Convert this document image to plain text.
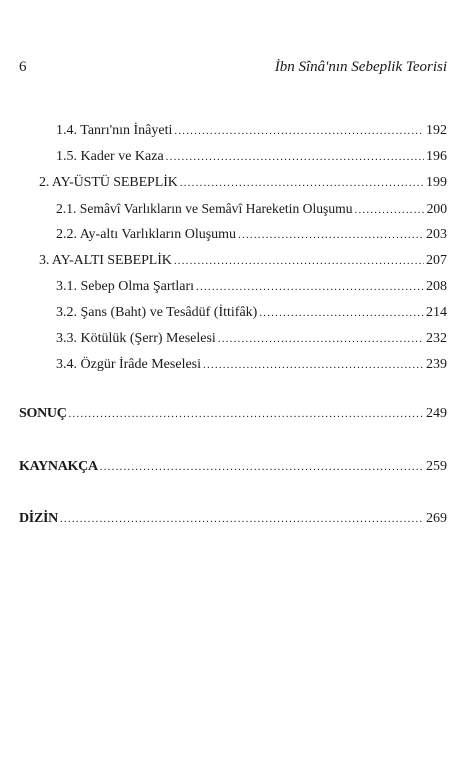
6	İbn Sînâ'nın Sebeplik Teorisi
1.4. Tanrı'nın İnâyeti .....	192
1.5. Kader ve Kaza .....	196
2. AY-ÜSTÜ SEBEPLİK .....	199
2.1. Semâvî Varlıkların ve Semâvî Hareketin Oluşumu .....	200
2.2. Ay-altı Varlıkların Oluşumu .....	203
3. AY-ALTI SEBEPLİK .....	207
3.1. Sebep Olma Şartları .....	208
3.2. Şans (Baht) ve Tesâdüf (İttifâk) .....	214
3.3. Kötülük (Şerr) Meselesi .....	232
3.4. Özgür İrâde Meselesi .....	239
SONUÇ .....	249
KAYNAKÇA .....	259
DİZİN .....	269
